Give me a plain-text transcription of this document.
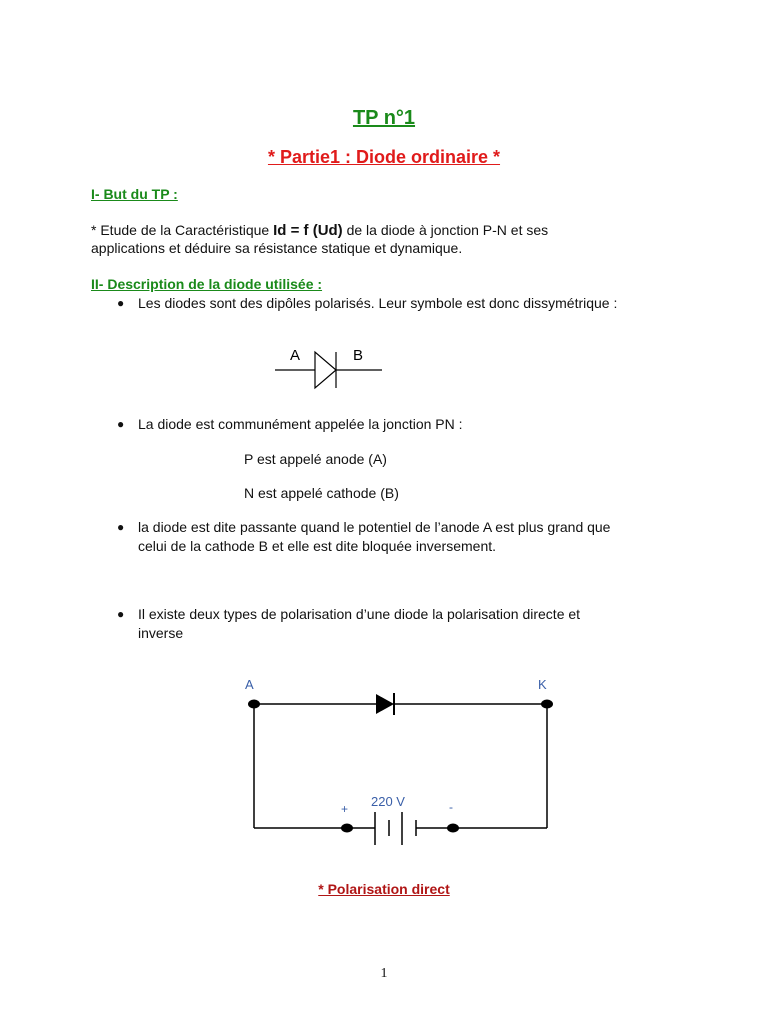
TP n°1
* Partie1 : Diode ordinaire *
I- But du TP :
* Etude de la Caractéristique Id = f (Ud) de la diode à jonction P-N et ses
applications et déduire sa résistance statique et dynamique.
II- Description de la diode utilisée :
● Les diodes sont des dipôles polarisés. Leur symbole est donc dissymétrique :
A	B
● La diode est communément appelée la jonction PN :
P est appelé anode (A)
N est appelé cathode (B)
● la diode est dite passante quand le potentiel de l’anode A est plus grand que
celui de la cathode B et elle est dite bloquée inversement.
● Il existe deux types de polarisation d’une diode la polarisation directe et
inverse
A	K
+	-
220 V
* Polarisation direct
1
